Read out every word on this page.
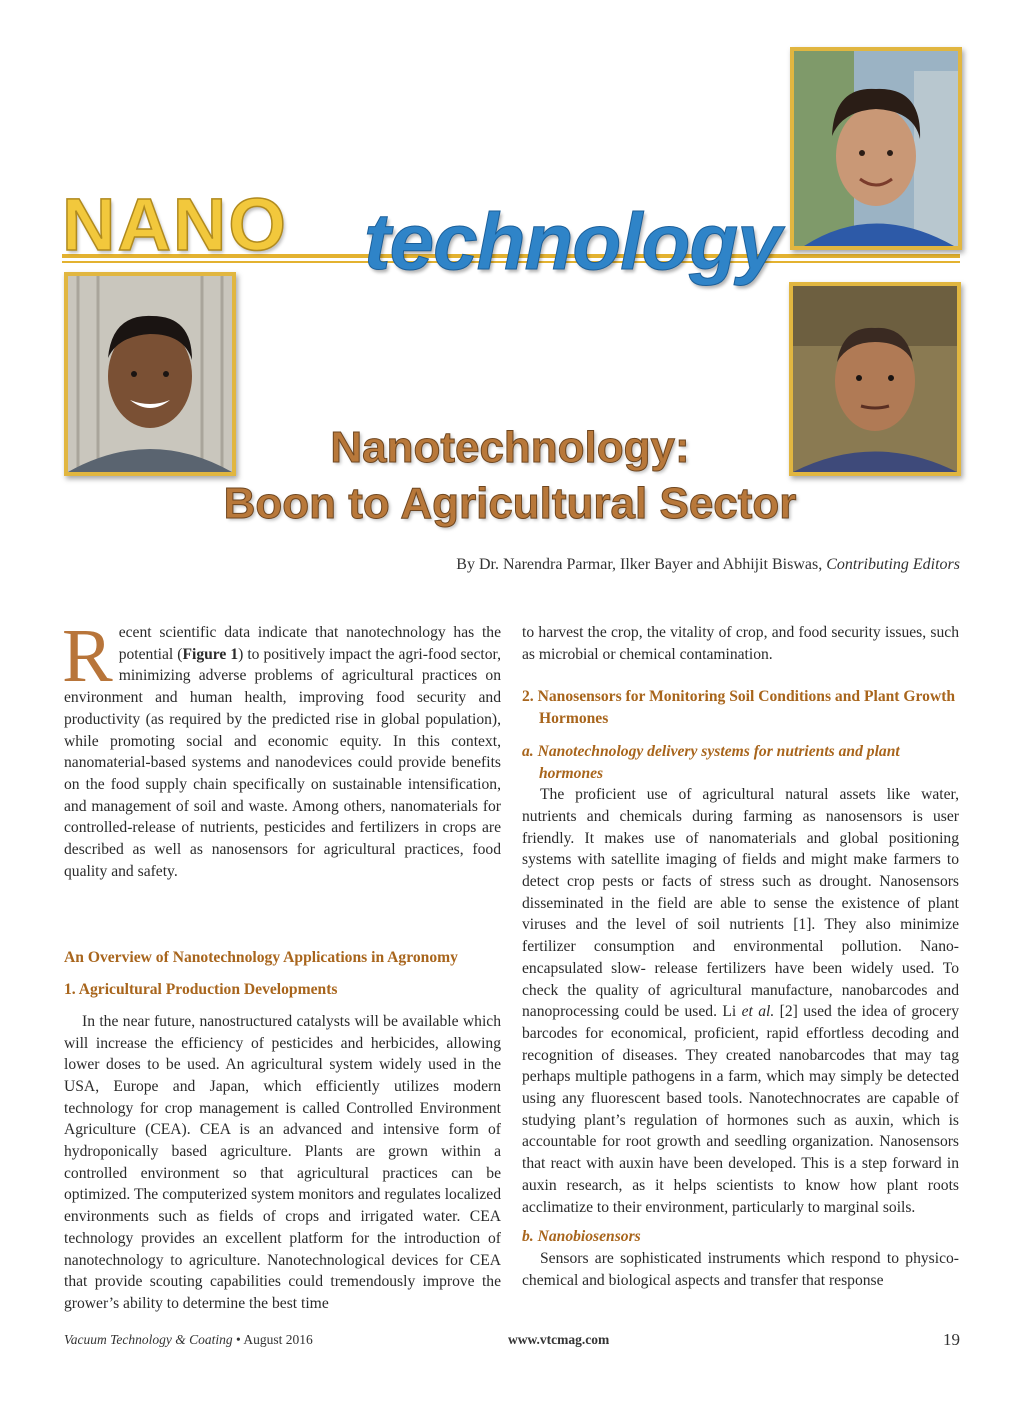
NANO technology
Nanotechnology:
Boon to Agricultural Sector
By Dr. Narendra Parmar, Ilker Bayer and Abhijit Biswas, Contributing Editors

Recent scientific data indicate that nanotechnology has the potential (Figure 1) to positively impact the agri-food sector, minimizing adverse problems of agricultural practices on environment and human health, improving food security and productivity (as required by the predicted rise in global population), while promoting social and economic equity. In this context, nanomaterial-based systems and nanodevices could provide benefits on the food supply chain specifically on sustainable intensification, and management of soil and waste. Among others, nanomaterials for controlled-release of nutrients, pesticides and fertilizers in crops are described as well as nanosensors for agricultural practices, food quality and safety.

An Overview of Nanotechnology Applications in Agronomy

1. Agricultural Production Developments

In the near future, nanostructured catalysts will be available which will increase the efficiency of pesticides and herbicides, allowing lower doses to be used. An agricultural system widely used in the USA, Europe and Japan, which efficiently utilizes modern technology for crop management is called Controlled Environment Agriculture (CEA). CEA is an advanced and intensive form of hydroponically based agriculture. Plants are grown within a controlled environment so that agricultural practices can be optimized. The computerized system monitors and regulates localized environments such as fields of crops and irrigated water. CEA technology provides an excellent platform for the introduction of nanotechnology to agriculture. Nanotechnological devices for CEA that provide scouting capabilities could tremendously improve the grower’s ability to determine the best time

to harvest the crop, the vitality of crop, and food security issues, such as microbial or chemical contamination.

2. Nanosensors for Monitoring Soil Conditions and Plant Growth Hormones

a. Nanotechnology delivery systems for nutrients and plant hormones

The proficient use of agricultural natural assets like water, nutrients and chemicals during farming as nanosensors is user friendly. It makes use of nanomaterials and global positioning systems with satellite imaging of fields and might make farmers to detect crop pests or facts of stress such as drought. Nanosensors disseminated in the field are able to sense the existence of plant viruses and the level of soil nutrients [1]. They also minimize fertilizer consumption and environmental pollution. Nano-encapsulated slow- release fertilizers have been widely used. To check the quality of agricultural manufacture, nanobarcodes and nanoprocessing could be used. Li et al. [2] used the idea of grocery barcodes for economical, proficient, rapid effortless decoding and recognition of diseases. They created nanobarcodes that may tag perhaps multiple pathogens in a farm, which may simply be detected using any fluorescent based tools. Nanotechnocrates are capable of studying plant’s regulation of hormones such as auxin, which is accountable for root growth and seedling organization. Nanosensors that react with auxin have been developed. This is a step forward in auxin research, as it helps scientists to know how plant roots acclimatize to their environment, particularly to marginal soils.

b. Nanobiosensors

Sensors are sophisticated instruments which respond to physico-chemical and biological aspects and transfer that response

Vacuum Technology & Coating • August 2016	www.vtcmag.com	19
